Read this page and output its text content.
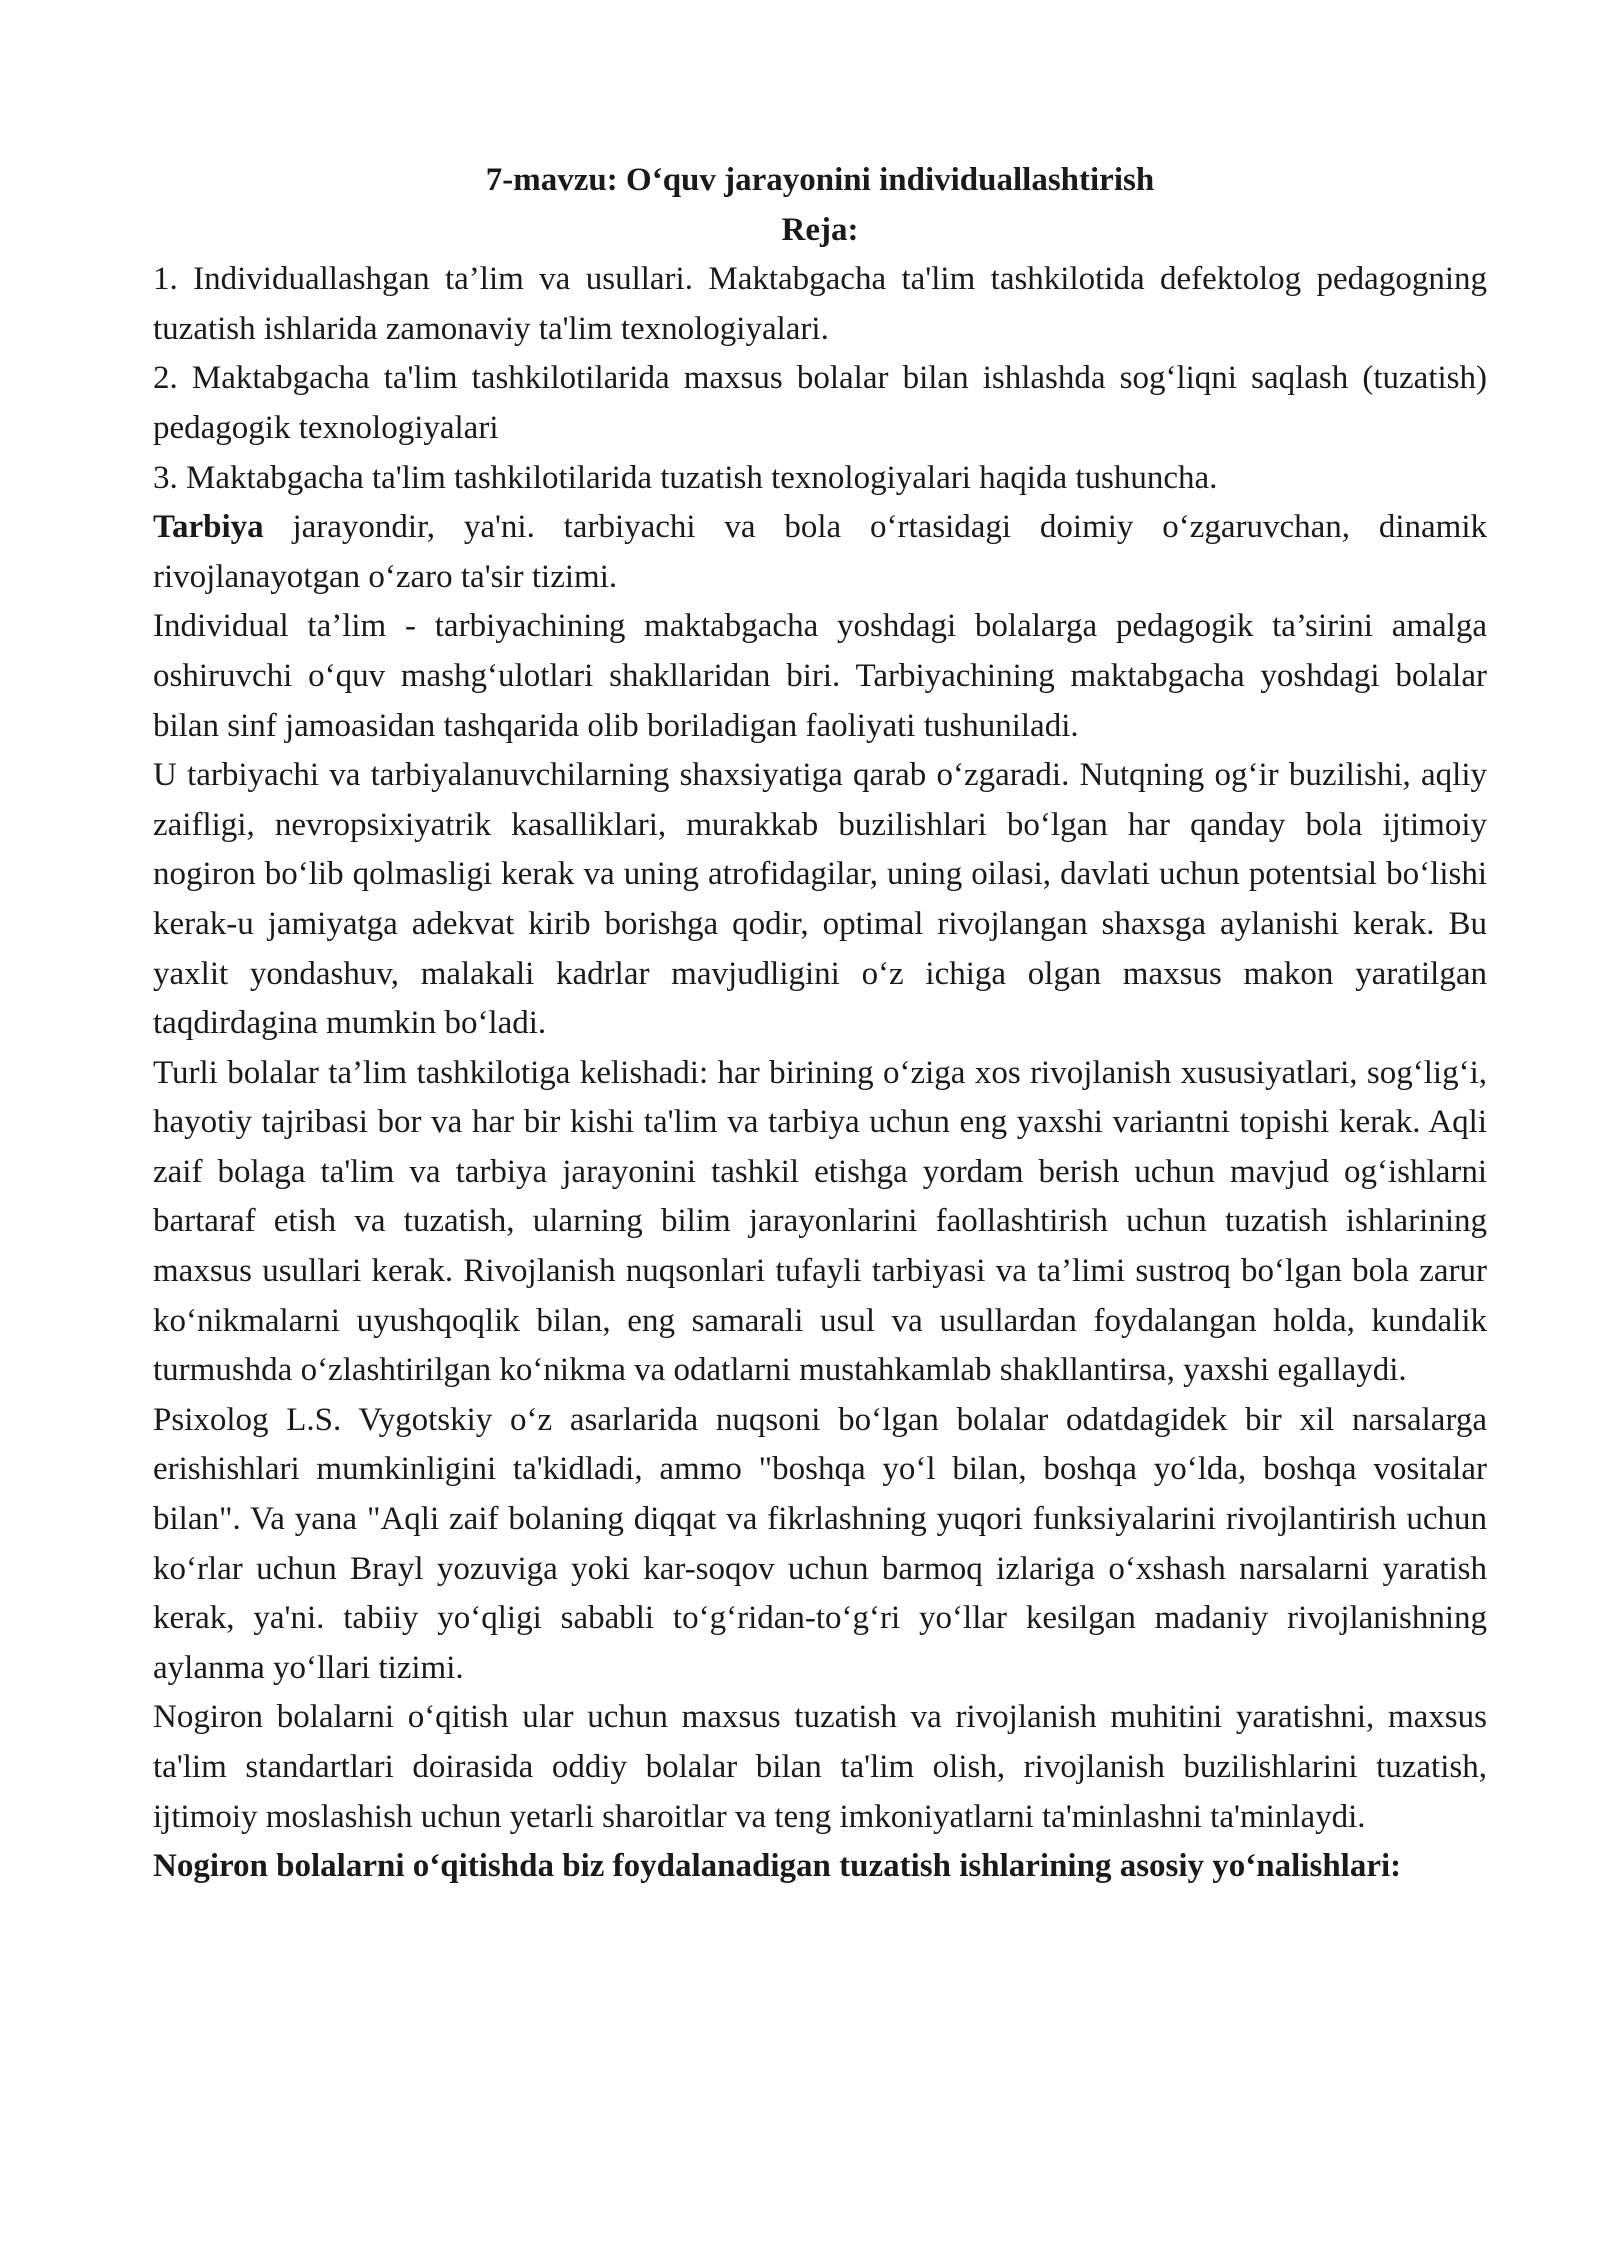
7-mavzu: O‘quv jarayonini individuallashtirish
Reja:

1. Individuallashgan ta’lim va usullari. Maktabgacha ta'lim tashkilotida defektolog pedagogning tuzatish ishlarida zamonaviy ta'lim texnologiyalari.

2. Maktabgacha ta'lim tashkilotilarida maxsus bolalar bilan ishlashda sog‘liqni saqlash (tuzatish) pedagogik texnologiyalari

3. Maktabgacha ta'lim tashkilotilarida tuzatish texnologiyalari haqida tushuncha.

Tarbiya jarayondir, ya'ni. tarbiyachi va bola o‘rtasidagi doimiy o‘zgaruvchan, dinamik rivojlanayotgan o‘zaro ta'sir tizimi.

Individual ta’lim - tarbiyachining maktabgacha yoshdagi bolalarga pedagogik ta’sirini amalga oshiruvchi o‘quv mashg‘ulotlari shakllaridan biri. Tarbiyachining maktabgacha yoshdagi bolalar bilan sinf jamoasidan tashqarida olib boriladigan faoliyati tushuniladi.

U tarbiyachi va tarbiyalanuvchilarning shaxsiyatiga qarab o‘zgaradi. Nutqning og‘ir buzilishi, aqliy zaifligi, nevropsixiyatrik kasalliklari, murakkab buzilishlari bo‘lgan har qanday bola ijtimoiy nogiron bo‘lib qolmasligi kerak va uning atrofidagilar, uning oilasi, davlati uchun potentsial bo‘lishi kerak-u jamiyatga adekvat kirib borishga qodir, optimal rivojlangan shaxsga aylanishi kerak. Bu yaxlit yondashuv, malakali kadrlar mavjudligini o‘z ichiga olgan maxsus makon yaratilgan taqdirdagina mumkin bo‘ladi.

Turli bolalar ta’lim tashkilotiga kelishadi: har birining o‘ziga xos rivojlanish xususiyatlari, sog‘lig‘i, hayotiy tajribasi bor va har bir kishi ta'lim va tarbiya uchun eng yaxshi variantni topishi kerak. Aqli zaif bolaga ta'lim va tarbiya jarayonini tashkil etishga yordam berish uchun mavjud og‘ishlarni bartaraf etish va tuzatish, ularning bilim jarayonlarini faollashtirish uchun tuzatish ishlarining maxsus usullari kerak. Rivojlanish nuqsonlari tufayli tarbiyasi va ta’limi sustroq bo‘lgan bola zarur ko‘nikmalarni uyushqoqlik bilan, eng samarali usul va usullardan foydalangan holda, kundalik turmushda o‘zlashtirilgan ko‘nikma va odatlarni mustahkamlab shakllantirsa, yaxshi egallaydi.

Psixolog L.S. Vygotskiy o‘z asarlarida nuqsoni bo‘lgan bolalar odatdagidek bir xil narsalarga erishishlari mumkinligini ta'kidladi, ammo "boshqa yo‘l bilan, boshqa yo‘lda, boshqa vositalar bilan". Va yana "Aqli zaif bolaning diqqat va fikrlashning yuqori funksiyalarini rivojlantirish uchun ko‘rlar uchun Brayl yozuviga yoki kar-soqov uchun barmoq izlariga o‘xshash narsalarni yaratish kerak, ya'ni. tabiiy yo‘qligi sababli to‘g‘ridan-to‘g‘ri yo‘llar kesilgan madaniy rivojlanishning aylanma yo‘llari tizimi.

Nogiron bolalarni o‘qitish ular uchun maxsus tuzatish va rivojlanish muhitini yaratishni, maxsus ta'lim standartlari doirasida oddiy bolalar bilan ta'lim olish, rivojlanish buzilishlarini tuzatish, ijtimoiy moslashish uchun yetarli sharoitlar va teng imkoniyatlarni ta'minlashni ta'minlaydi.

Nogiron bolalarni o‘qitishda biz foydalanadigan tuzatish ishlarining asosiy yo‘nalishlari:
